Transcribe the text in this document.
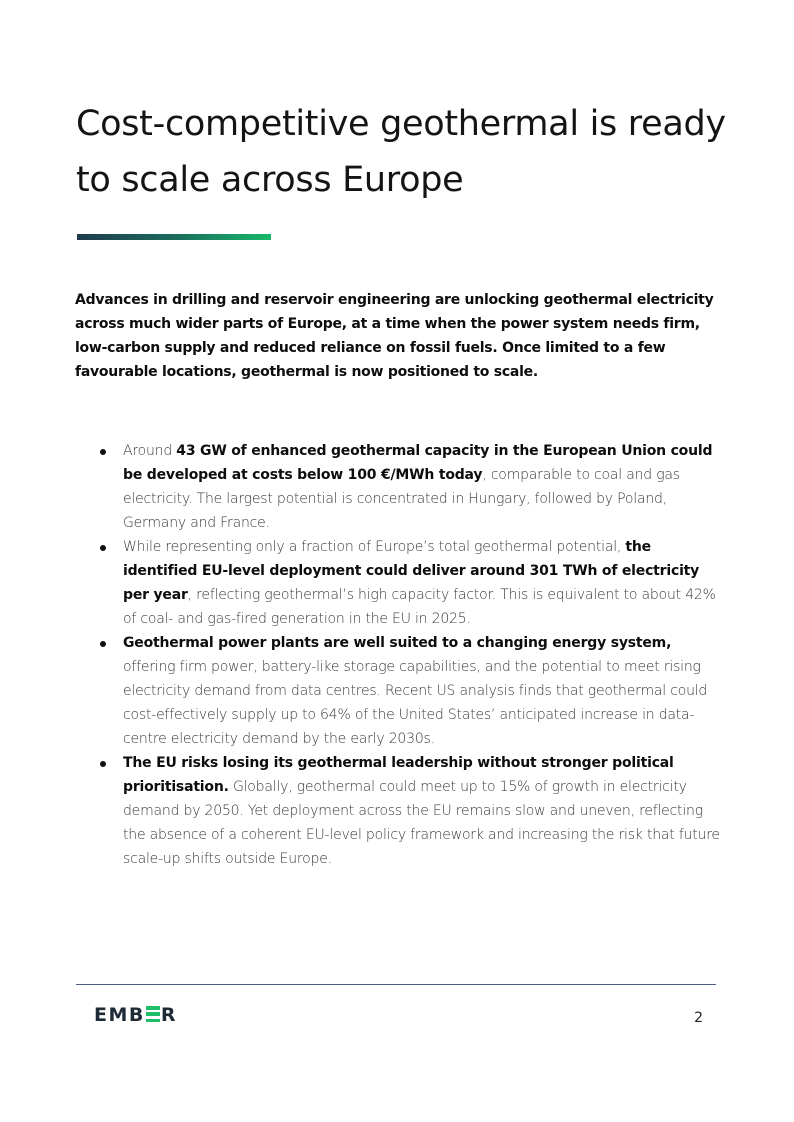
Cost-competitive geothermal is ready to scale across Europe

Advances in drilling and reservoir engineering are unlocking geothermal electricity across much wider parts of Europe, at a time when the power system needs firm, low-carbon supply and reduced reliance on fossil fuels. Once limited to a few favourable locations, geothermal is now positioned to scale.

Around 43 GW of enhanced geothermal capacity in the European Union could be developed at costs below 100 €/MWh today, comparable to coal and gas electricity. The largest potential is concentrated in Hungary, followed by Poland, Germany and France.
While representing only a fraction of Europe’s total geothermal potential, the identified EU-level deployment could deliver around 301 TWh of electricity per year, reflecting geothermal’s high capacity factor. This is equivalent to about 42% of coal- and gas-fired generation in the EU in 2025.
Geothermal power plants are well suited to a changing energy system, offering firm power, battery-like storage capabilities, and the potential to meet rising electricity demand from data centres. Recent US analysis finds that geothermal could cost-effectively supply up to 64% of the United States’ anticipated increase in data-centre electricity demand by the early 2030s.
The EU risks losing its geothermal leadership without stronger political prioritisation. Globally, geothermal could meet up to 15% of growth in electricity demand by 2050. Yet deployment across the EU remains slow and uneven, reflecting the absence of a coherent EU-level policy framework and increasing the risk that future scale-up shifts outside Europe.
EMB R	2
